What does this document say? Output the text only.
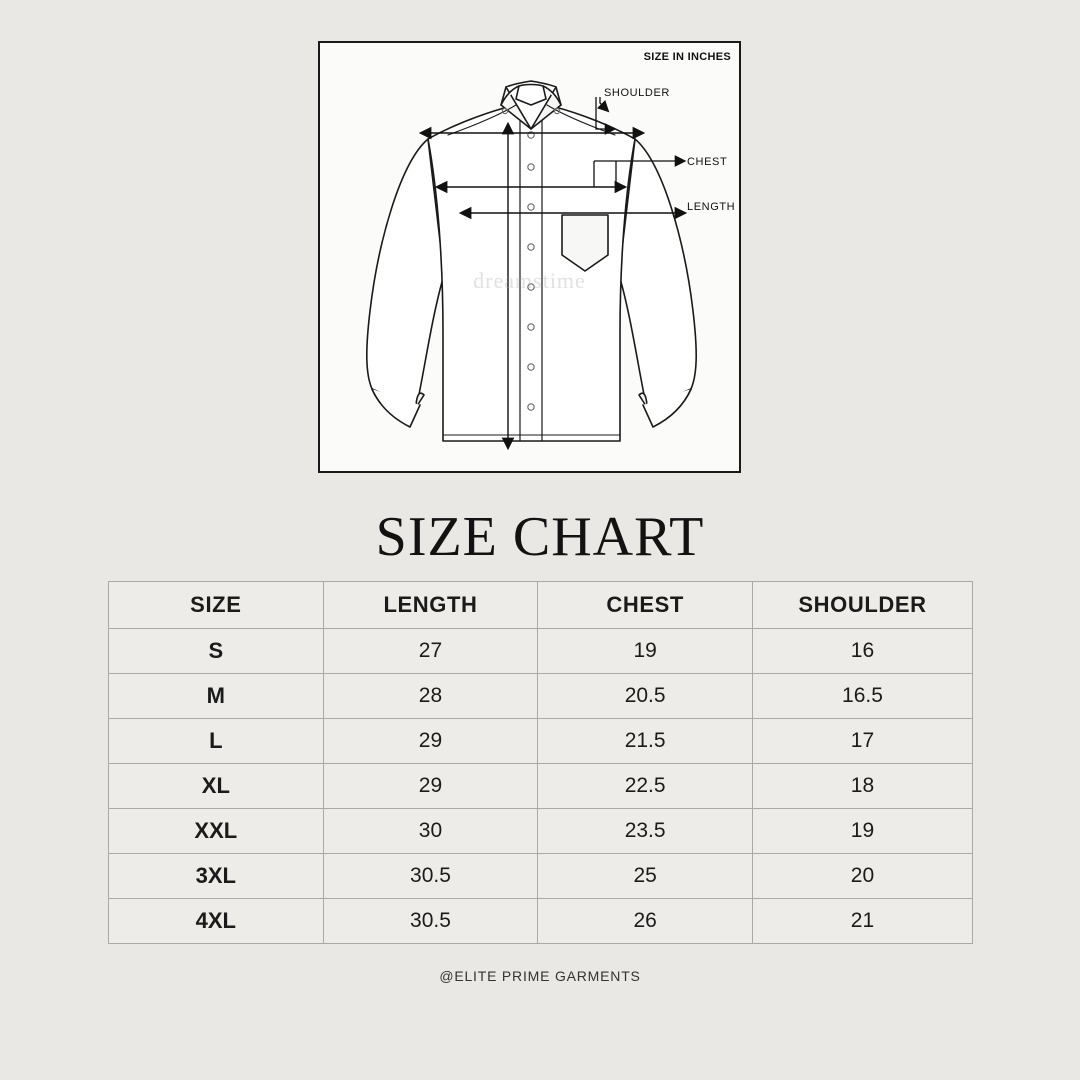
SIZE IN INCHES
dreamstime
SHOULDER
CHEST
LENGTH
SIZE CHART
SIZE	LENGTH	CHEST	SHOULDER
S	27	19	16
M	28	20.5	16.5
L	29	21.5	17
XL	29	22.5	18
XXL	30	23.5	19
3XL	30.5	25	20
4XL	30.5	26	21
@ELITE PRIME GARMENTS
